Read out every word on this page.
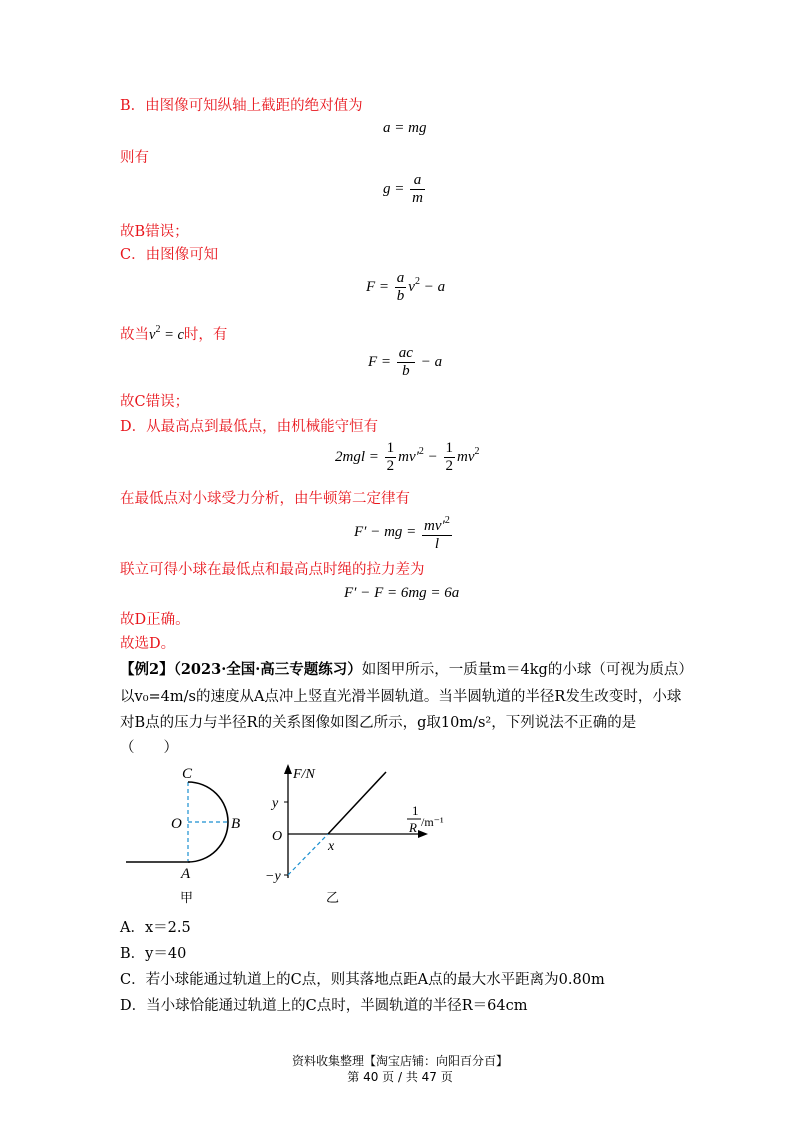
B．由图像可知纵轴上截距的绝对值为
a = mg
则有
$g = \frac{a}{m}$
故B错误；
C．由图像可知
$F = \frac{a}{b} v^2 - a$
故当$v^2 = c$时，有
$F = \frac{ac}{b} - a$
故C错误；
D．从最高点到最低点，由机械能守恒有
$2mgl = \frac{1}{2} mv'^2 - \frac{1}{2} mv^2$
在最低点对小球受力分析，由牛顿第二定律有
F′ − mg = $\frac{mv'^2}{l}$
联立可得小球在最低点和最高点时绳的拉力差为
F′ − F = 6mg = 6a
故D正确。
故选D。
【例2】（2023·全国·高三专题练习）如图甲所示，一质量m＝4kg的小球（可视为质点）
以v₀=4m/s的速度从A点冲上竖直光滑半圆轨道。当半圆轨道的半径R发生改变时，小球
对B点的压力与半径R的关系图像如图乙所示，g取10m/s²，下列说法不正确的是
（　　）
C
O	B
A
甲
F/N
y
−y
O
x
1
R /m⁻¹
乙
A．x＝2.5
B．y＝40
C．若小球能通过轨道上的C点，则其落地点距A点的最大水平距离为0.80m
D．当小球恰能通过轨道上的C点时，半圆轨道的半径R＝64cm
资料收集整理【淘宝店铺：向阳百分百】
第 40 页 / 共 47 页
